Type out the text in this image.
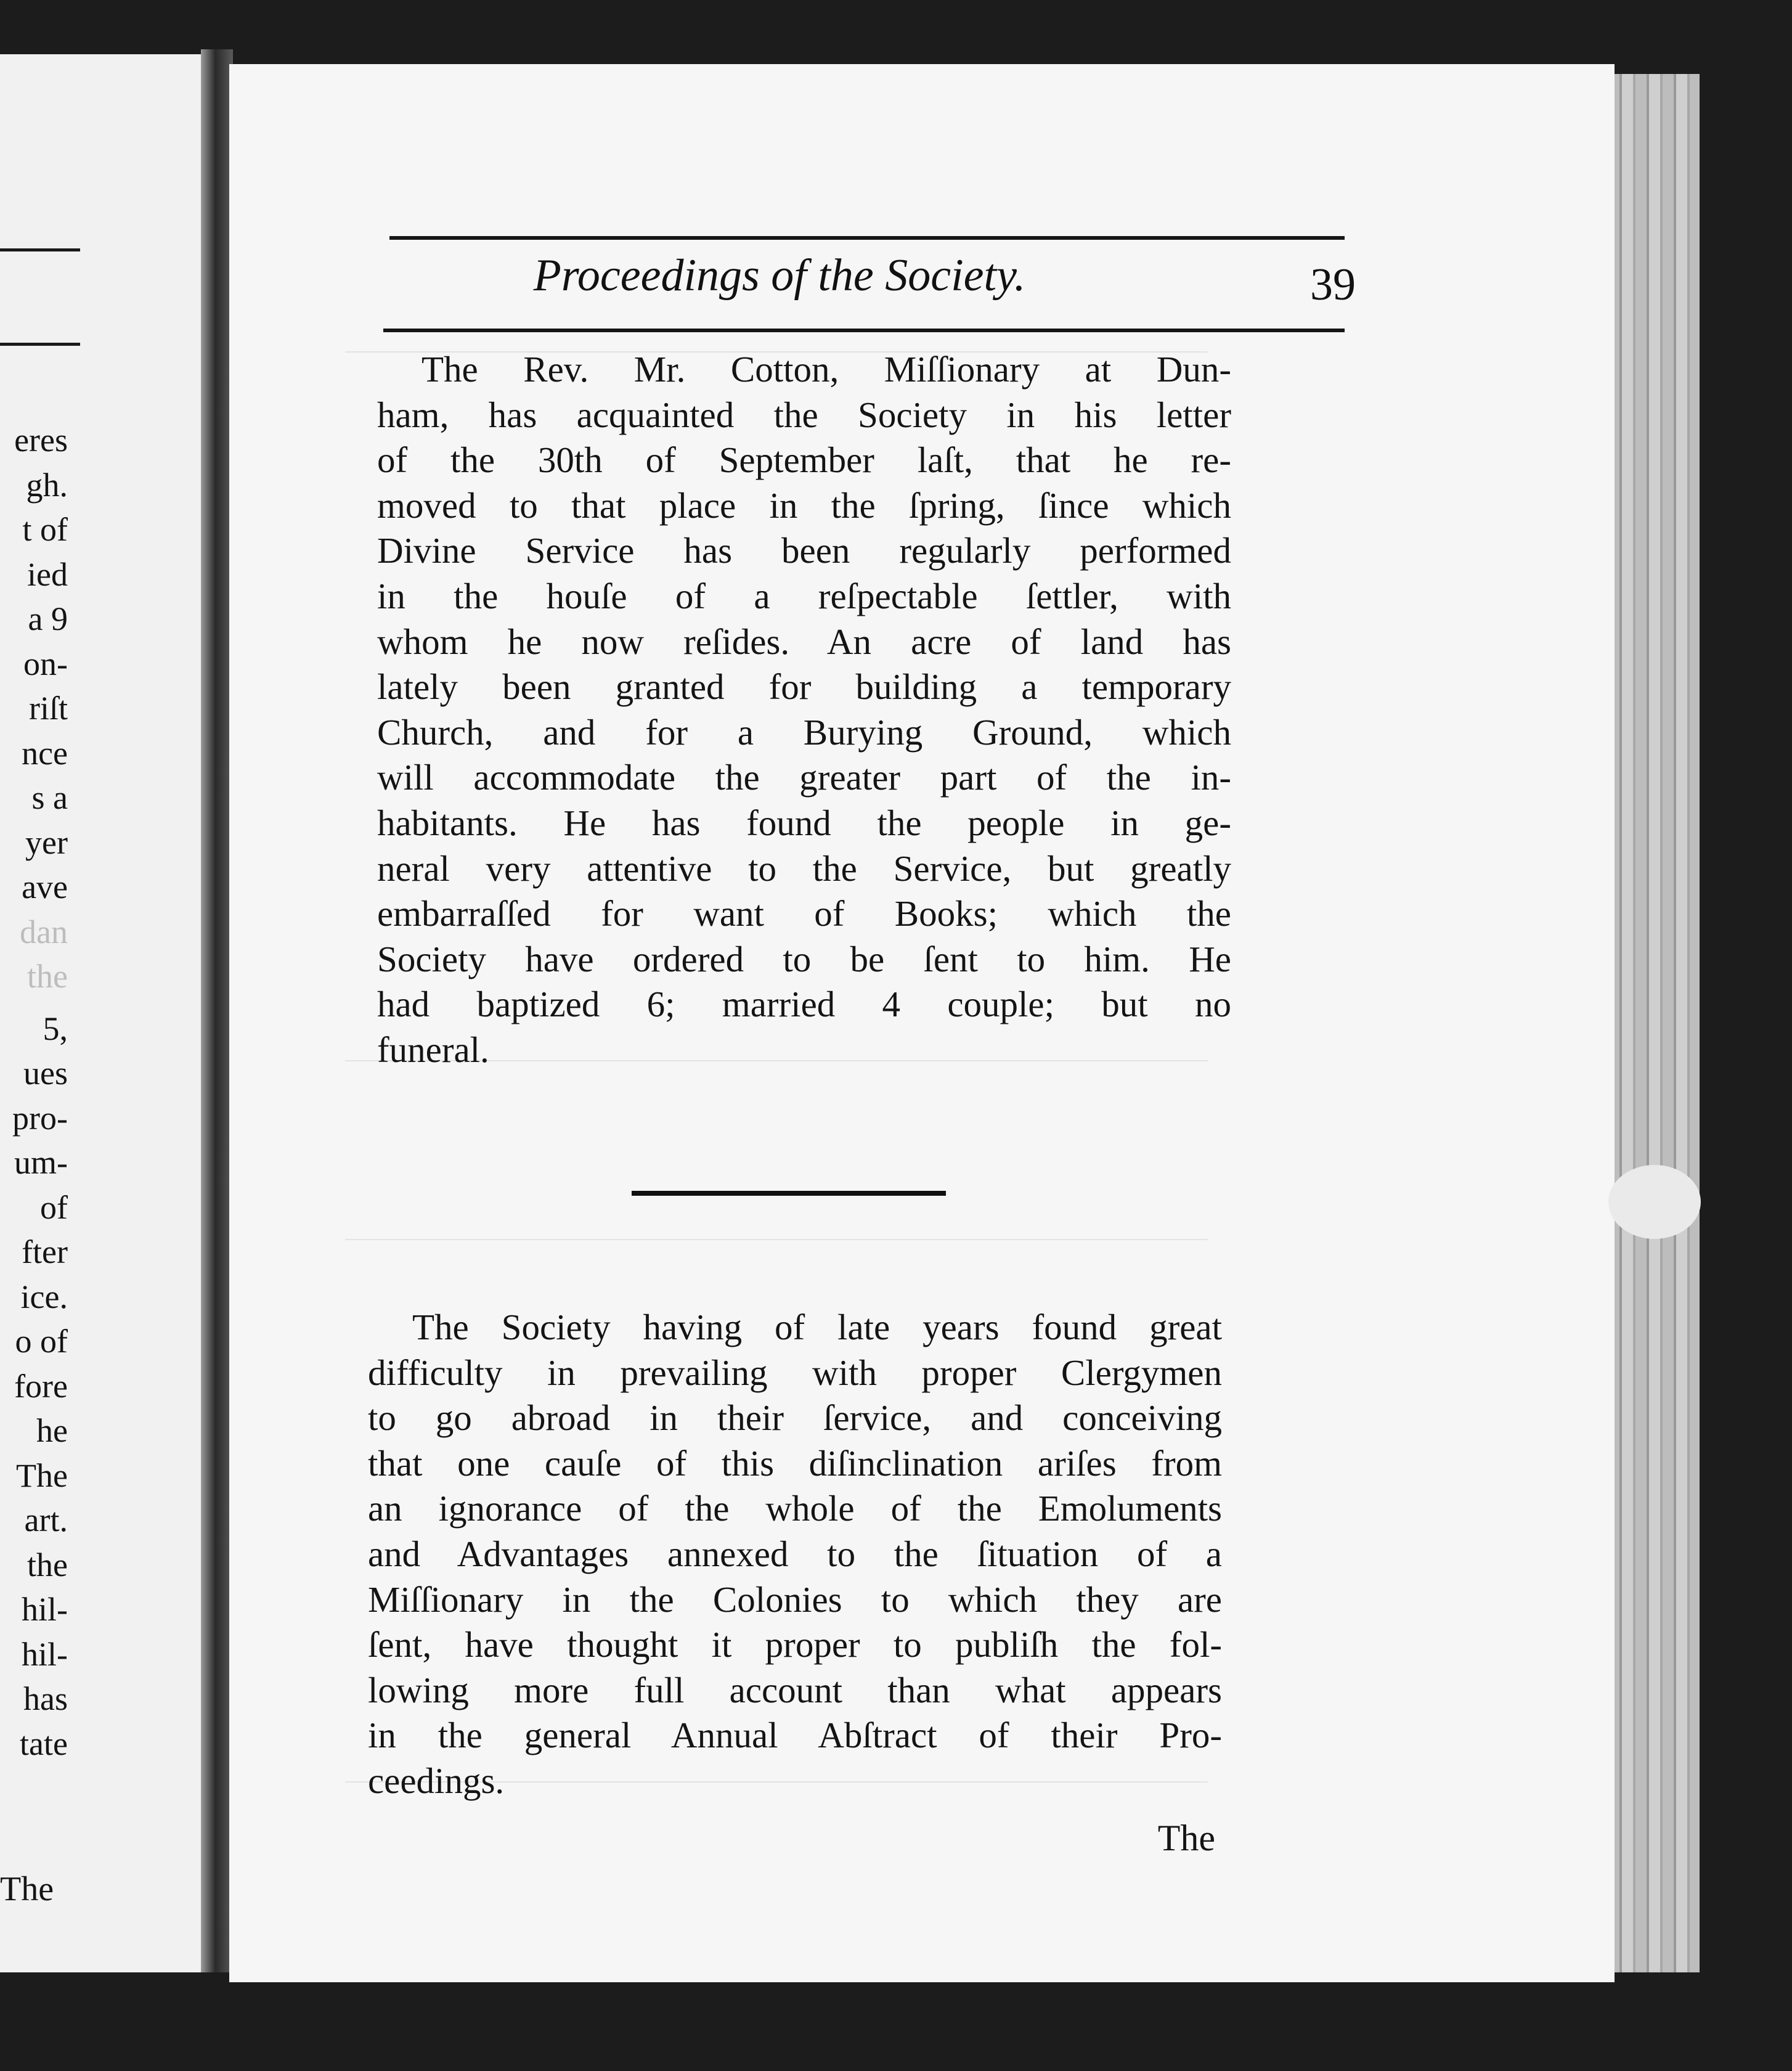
eres
gh.
t of
ied
a 9
on-
riſt
nce
s a
yer
ave
dan
the
5,
ues
pro-
um-
of
fter
ice.
o of
fore
he
The
art.
the
hil-
hil-
has
tate
The
Proceedings of the Society.	39
The Rev. Mr. Cotton, Miſſionary at Dun-
ham, has acquainted the Society in his letter
of the 30th of September laſt, that he re-
moved to that place in the ſpring, ſince which
Divine Service has been regularly performed
in the houſe of a reſpectable ſettler, with
whom he now reſides. An acre of land has
lately been granted for building a temporary
Church, and for a Burying Ground, which
will accommodate the greater part of the in-
habitants. He has found the people in ge-
neral very attentive to the Service, but greatly
embarraſſed for want of Books; which the
Society have ordered to be ſent to him. He
had baptized 6; married 4 couple; but no
funeral.
The Society having of late years found great
difficulty in prevailing with proper Clergymen
to go abroad in their ſervice, and conceiving
that one cauſe of this diſinclination ariſes from
an ignorance of the whole of the Emoluments
and Advantages annexed to the ſituation of a
Miſſionary in the Colonies to which they are
ſent, have thought it proper to publiſh the fol-
lowing more full account than what appears
in the general Annual Abſtract of their Pro-
ceedings.
The
